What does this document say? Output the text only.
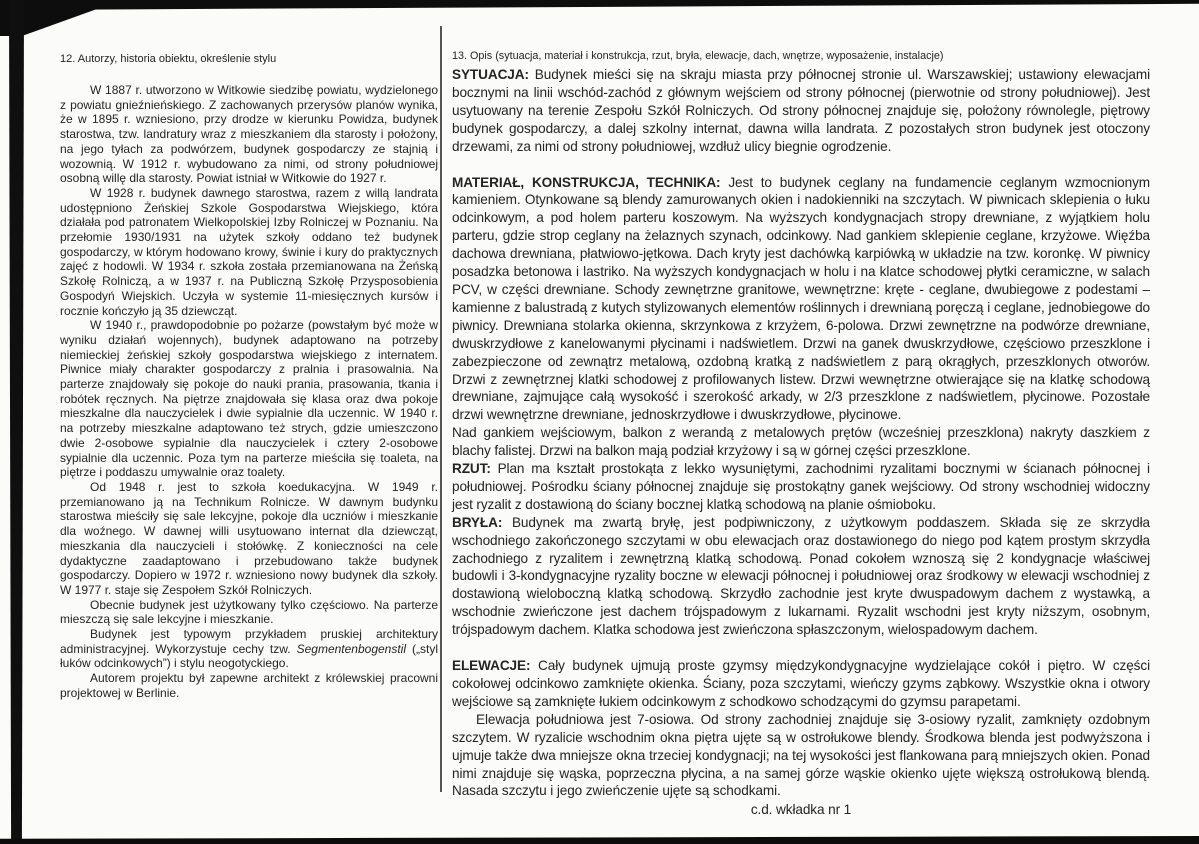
12. Autorzy, historia obiektu, określenie stylu

W 1887 r. utworzono w Witkowie siedzibę powiatu, wydzielonego z powiatu gnieźnieńskiego. Z zachowanych przerysów planów wynika, że w 1895 r. wzniesiono, przy drodze w kierunku Powidza, budynek starostwa, tzw. landratury wraz z mieszkaniem dla starosty i położony, na jego tyłach za podwórzem, budynek gospodarczy ze stajnią i wozownią. W 1912 r. wybudowano za nimi, od strony południowej osobną willę dla starosty. Powiat istniał w Witkowie do 1927 r.

W 1928 r. budynek dawnego starostwa, razem z willą landrata udostępniono Żeńskiej Szkole Gospodarstwa Wiejskiego, która działała pod patronatem Wielkopolskiej Izby Rolniczej w Poznaniu. Na przełomie 1930/1931 na użytek szkoły oddano też budynek gospodarczy, w którym hodowano krowy, świnie i kury do praktycznych zajęć z hodowli. W 1934 r. szkoła została przemianowana na Żeńską Szkołę Rolniczą, a w 1937 r. na Publiczną Szkołę Przysposobienia Gospodyń Wiejskich. Uczyła w systemie 11-miesięcznych kursów i rocznie kończyło ją 35 dziewcząt.

W 1940 r., prawdopodobnie po pożarze (powstałym być może w wyniku działań wojennych), budynek adaptowano na potrzeby niemieckiej żeńskiej szkoły gospodarstwa wiejskiego z internatem. Piwnice miały charakter gospodarczy z pralnia i prasowalnia. Na parterze znajdowały się pokoje do nauki prania, prasowania, tkania i robótek ręcznych. Na piętrze znajdowała się klasa oraz dwa pokoje mieszkalne dla nauczycielek i dwie sypialnie dla uczennic. W 1940 r. na potrzeby mieszkalne adaptowano też strych, gdzie umieszczono dwie 2-osobowe sypialnie dla nauczycielek i cztery 2-osobowe sypialnie dla uczennic. Poza tym na parterze mieściła się toaleta, na piętrze i poddaszu umywalnie oraz toalety.

Od 1948 r. jest to szkoła koedukacyjna. W 1949 r. przemianowano ją na Technikum Rolnicze. W dawnym budynku starostwa mieściły się sale lekcyjne, pokoje dla uczniów i mieszkanie dla woźnego. W dawnej willi usytuowano internat dla dziewcząt, mieszkania dla nauczycieli i stołówkę. Z konieczności na cele dydaktyczne zaadaptowano i przebudowano także budynek gospodarczy. Dopiero w 1972 r. wzniesiono nowy budynek dla szkoły. W 1977 r. staje się Zespołem Szkół Rolniczych.

Obecnie budynek jest użytkowany tylko częściowo. Na parterze mieszczą się sale lekcyjne i mieszkanie.

Budynek jest typowym przykładem pruskiej architektury administracyjnej. Wykorzystuje cechy tzw. Segmentenbogenstil („styl łuków odcinkowych”) i stylu neogotyckiego.

Autorem projektu był zapewne architekt z królewskiej pracowni projektowej w Berlinie.

13. Opis (sytuacja, materiał i konstrukcja, rzut, bryła, elewacje, dach, wnętrze, wyposażenie, instalacje)

SYTUACJA: Budynek mieści się na skraju miasta przy północnej stronie ul. Warszawskiej; ustawiony elewacjami bocznymi na linii wschód-zachód z głównym wejściem od strony północnej (pierwotnie od strony południowej). Jest usytuowany na terenie Zespołu Szkół Rolniczych. Od strony północnej znajduje się, położony równolegle, piętrowy budynek gospodarczy, a dalej szkolny internat, dawna willa landrata. Z pozostałych stron budynek jest otoczony drzewami, za nimi od strony południowej, wzdłuż ulicy biegnie ogrodzenie.

MATERIAŁ, KONSTRUKCJA, TECHNIKA: Jest to budynek ceglany na fundamencie ceglanym wzmocnionym kamieniem. Otynkowane są blendy zamurowanych okien i nadokienniki na szczytach. W piwnicach sklepienia o łuku odcinkowym, a pod holem parteru koszowym. Na wyższych kondygnacjach stropy drewniane, z wyjątkiem holu parteru, gdzie strop ceglany na żelaznych szynach, odcinkowy. Nad gankiem sklepienie ceglane, krzyżowe. Więźba dachowa drewniana, płatwiowo-jętkowa. Dach kryty jest dachówką karpiówką w układzie na tzw. koronkę. W piwnicy posadzka betonowa i lastriko. Na wyższych kondygnacjach w holu i na klatce schodowej płytki ceramiczne, w salach PCV, w części drewniane. Schody zewnętrzne granitowe, wewnętrzne: kręte - ceglane, dwubiegowe z podestami – kamienne z balustradą z kutych stylizowanych elementów roślinnych i drewnianą poręczą i ceglane, jednobiegowe do piwnicy. Drewniana stolarka okienna, skrzynkowa z krzyżem, 6-polowa. Drzwi zewnętrzne na podwórze drewniane, dwuskrzydłowe z kanelowanymi płycinami i nadświetlem. Drzwi na ganek dwuskrzydłowe, częściowo przeszklone i zabezpieczone od zewnątrz metalową, ozdobną kratką z nadświetlem z parą okrągłych, przeszklonych otworów. Drzwi z zewnętrznej klatki schodowej z profilowanych listew. Drzwi wewnętrzne otwierające się na klatkę schodową drewniane, zajmujące całą wysokość i szerokość arkady, w 2/3 przeszklone z nadświetlem, płycinowe. Pozostałe drzwi wewnętrzne drewniane, jednoskrzydłowe i dwuskrzydłowe, płycinowe.

Nad gankiem wejściowym, balkon z werandą z metalowych prętów (wcześniej przeszklona) nakryty daszkiem z blachy falistej. Drzwi na balkon mają podział krzyżowy i są w górnej części przeszklone.

RZUT: Plan ma kształt prostokąta z lekko wysuniętymi, zachodnimi ryzalitami bocznymi w ścianach północnej i południowej. Pośrodku ściany północnej znajduje się prostokątny ganek wejściowy. Od strony wschodniej widoczny jest ryzalit z dostawioną do ściany bocznej klatką schodową na planie ośmioboku.

BRYŁA: Budynek ma zwartą bryłę, jest podpiwniczony, z użytkowym poddaszem. Składa się ze skrzydła wschodniego zakończonego szczytami w obu elewacjach oraz dostawionego do niego pod kątem prostym skrzydła zachodniego z ryzalitem i zewnętrzną klatką schodową. Ponad cokołem wznoszą się 2 kondygnacje właściwej budowli i 3-kondygnacyjne ryzality boczne w elewacji północnej i południowej oraz środkowy w elewacji wschodniej z dostawioną wieloboczną klatką schodową. Skrzydło zachodnie jest kryte dwuspadowym dachem z wystawką, a wschodnie zwieńczone jest dachem trójspadowym z lukarnami. Ryzalit wschodni jest kryty niższym, osobnym, trójspadowym dachem. Klatka schodowa jest zwieńczona spłaszczonym, wielospadowym dachem.

ELEWACJE: Cały budynek ujmują proste gzymsy międzykondygnacyjne wydzielające cokół i piętro. W części cokołowej odcinkowo zamknięte okienka. Ściany, poza szczytami, wieńczy gzyms ząbkowy. Wszystkie okna i otwory wejściowe są zamknięte łukiem odcinkowym z schodkowo schodzącymi do gzymsu parapetami.

Elewacja południowa jest 7-osiowa. Od strony zachodniej znajduje się 3-osiowy ryzalit, zamknięty ozdobnym szczytem. W ryzalicie wschodnim okna piętra ujęte są w ostrołukowe blendy. Środkowa blenda jest podwyższona i ujmuje także dwa mniejsze okna trzeciej kondygnacji; na tej wysokości jest flankowana parą mniejszych okien. Ponad nimi znajduje się wąska, poprzeczna płycina, a na samej górze wąskie okienko ujęte większą ostrołukową blendą. Nasada szczytu i jego zwieńczenie ujęte są schodkami.

c.d. wkładka nr 1
